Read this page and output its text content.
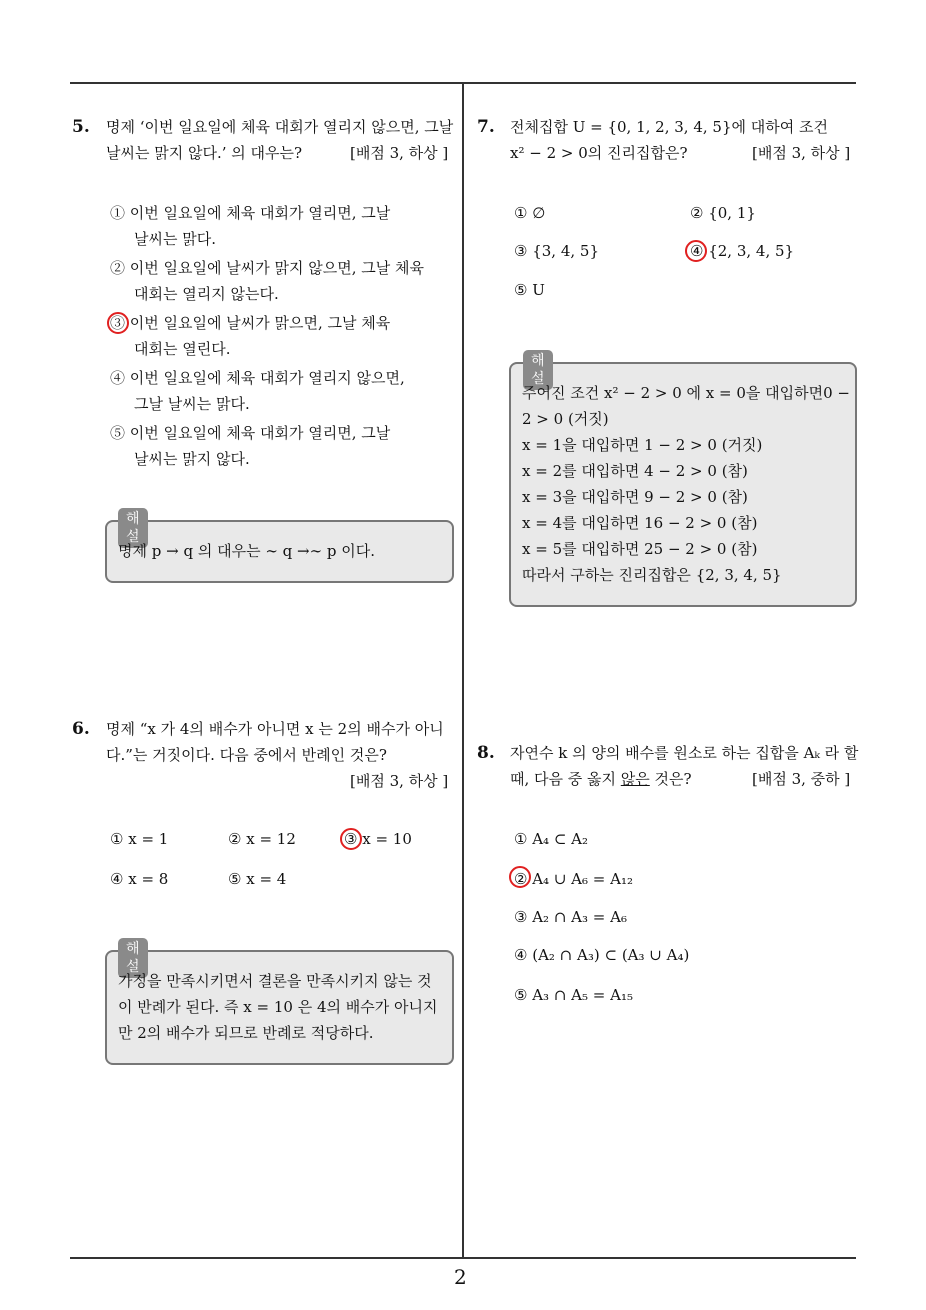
2
5. 명제 ‘이번 일요일에 체육 대회가 열리지 않으면, 그날
날씨는 맑지 않다.’ 의 대우는?	[배점 3, 하상 ]
① 이번 일요일에 체육 대회가 열리면, 그날
날씨는 맑다.
② 이번 일요일에 날씨가 맑지 않으면, 그날 체육
대회는 열리지 않는다.
③ 이번 일요일에 날씨가 맑으면, 그날 체육
대회는 열린다.
④ 이번 일요일에 체육 대회가 열리지 않으면,
그날 날씨는 맑다.
⑤ 이번 일요일에 체육 대회가 열리면, 그날
날씨는 맑지 않다.
해설
명제 p → q 의 대우는 ∼ q →∼ p 이다.
6. 명제 “x 가 4의 배수가 아니면 x 는 2의 배수가 아니
다.”는 거짓이다. 다음 중에서 반례인 것은?
[배점 3, 하상 ]
① x = 1	② x = 12	③ x = 10
④ x = 8	⑤ x = 4
해설
가정을 만족시키면서 결론을 만족시키지 않는 것
이 반례가 된다. 즉 x = 10 은 4의 배수가 아니지
만 2의 배수가 되므로 반례로 적당하다.
7. 전체집합 U = {0, 1, 2, 3, 4, 5}에 대하여 조건
x² − 2 > 0의 진리집합은?	[배점 3, 하상 ]
① ∅	② {0, 1}
③ {3, 4, 5}	④ {2, 3, 4, 5}
⑤ U
해설
주어진 조건 x² − 2 > 0 에 x = 0을 대입하면0 −
2 > 0 (거짓)
x = 1을 대입하면 1 − 2 > 0 (거짓)
x = 2를 대입하면 4 − 2 > 0 (참)
x = 3을 대입하면 9 − 2 > 0 (참)
x = 4를 대입하면 16 − 2 > 0 (참)
x = 5를 대입하면 25 − 2 > 0 (참)
따라서 구하는 진리집합은 {2, 3, 4, 5}
8. 자연수 k 의 양의 배수를 원소로 하는 집합을 Aₖ 라 할
때, 다음 중 옳지 않은 것은?	[배점 3, 중하 ]
① A₄ ⊂ A₂
② A₄ ∪ A₆ = A₁₂
③ A₂ ∩ A₃ = A₆
④ (A₂ ∩ A₃) ⊂ (A₃ ∪ A₄)
⑤ A₃ ∩ A₅ = A₁₅
